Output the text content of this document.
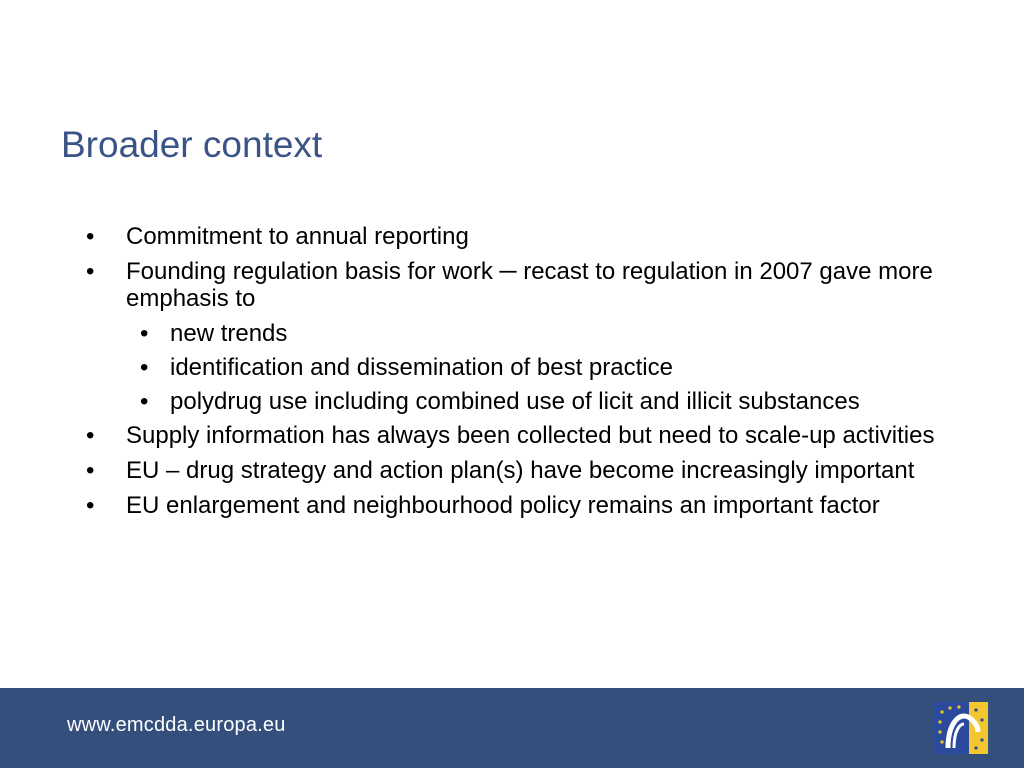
Broader context
• Commitment to annual reporting
• Founding regulation basis for work ─ recast to regulation in 2007 gave more emphasis to
• new trends
• identification and dissemination of best practice
• polydrug use including combined use of licit and illicit substances
• Supply information has always been collected but need to scale-up activities
• EU – drug strategy and action plan(s) have become increasingly important
• EU enlargement and neighbourhood policy remains an important factor
www.emcdda.europa.eu
